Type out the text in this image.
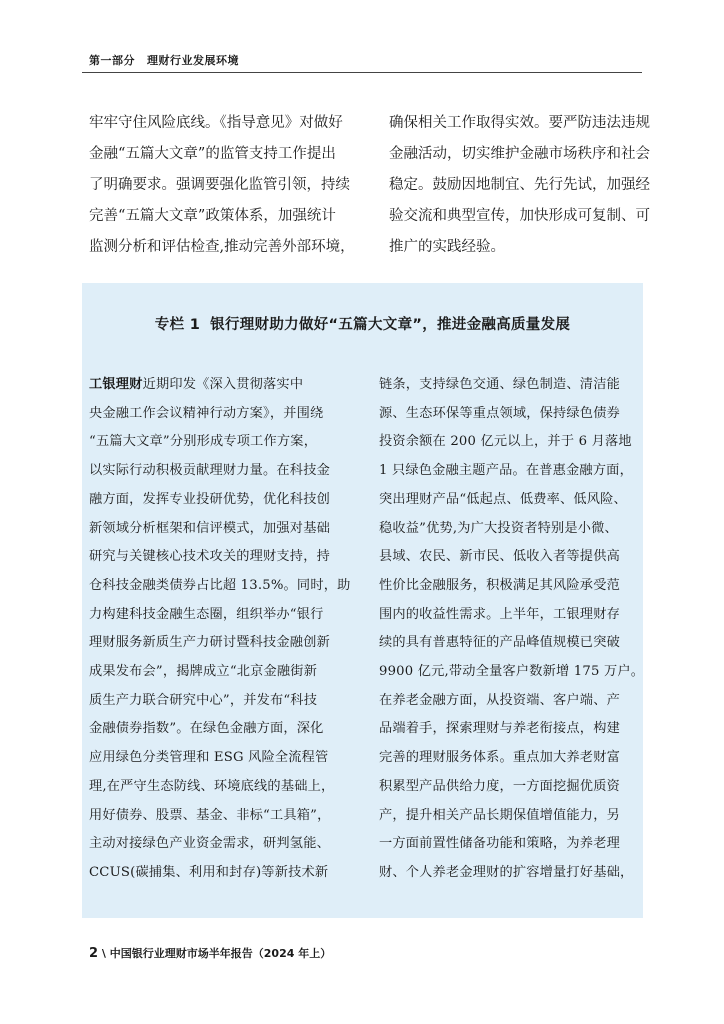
第一部分 理财行业发展环境
牢牢守住风险底线。《指导意见》对做好
金融“五篇大文章”的监管支持工作提出
了明确要求。强调要强化监管引领，持续
完善“五篇大文章”政策体系，加强统计
监测分析和评估检查,推动完善外部环境，
确保相关工作取得实效。要严防违法违规
金融活动，切实维护金融市场秩序和社会
稳定。鼓励因地制宜、先行先试，加强经
验交流和典型宣传，加快形成可复制、可
推广的实践经验。
专栏 1 银行理财助力做好“五篇大文章”，推进金融高质量发展
工银理财近期印发《深入贯彻落实中
央金融工作会议精神行动方案》，并围绕
“五篇大文章”分别形成专项工作方案，
以实际行动积极贡献理财力量。在科技金
融方面，发挥专业投研优势，优化科技创
新领域分析框架和信评模式，加强对基础
研究与关键核心技术攻关的理财支持，持
仓科技金融类债券占比超 13.5%。同时，助
力构建科技金融生态圈，组织举办“银行
理财服务新质生产力研讨暨科技金融创新
成果发布会”，揭牌成立“北京金融街新
质生产力联合研究中心”，并发布“科技
金融债券指数”。在绿色金融方面，深化
应用绿色分类管理和 ESG 风险全流程管
理,在严守生态防线、环境底线的基础上，
用好债券、股票、基金、非标“工具箱”，
主动对接绿色产业资金需求，研判氢能、
CCUS(碳捕集、利用和封存)等新技术新
链条，支持绿色交通、绿色制造、清洁能
源、生态环保等重点领域，保持绿色债券
投资余额在 200 亿元以上，并于 6 月落地
1 只绿色金融主题产品。在普惠金融方面，
突出理财产品“低起点、低费率、低风险、
稳收益”优势,为广大投资者特别是小微、
县域、农民、新市民、低收入者等提供高
性价比金融服务，积极满足其风险承受范
围内的收益性需求。上半年，工银理财存
续的具有普惠特征的产品峰值规模已突破
9900 亿元,带动全量客户数新增 175 万户。
在养老金融方面，从投资端、客户端、产
品端着手，探索理财与养老衔接点，构建
完善的理财服务体系。重点加大养老财富
积累型产品供给力度，一方面挖掘优质资
产，提升相关产品长期保值增值能力，另
一方面前置性储备功能和策略，为养老理
财、个人养老金理财的扩容增量打好基础，
2 \ 中国银行业理财市场半年报告（2024 年上）
